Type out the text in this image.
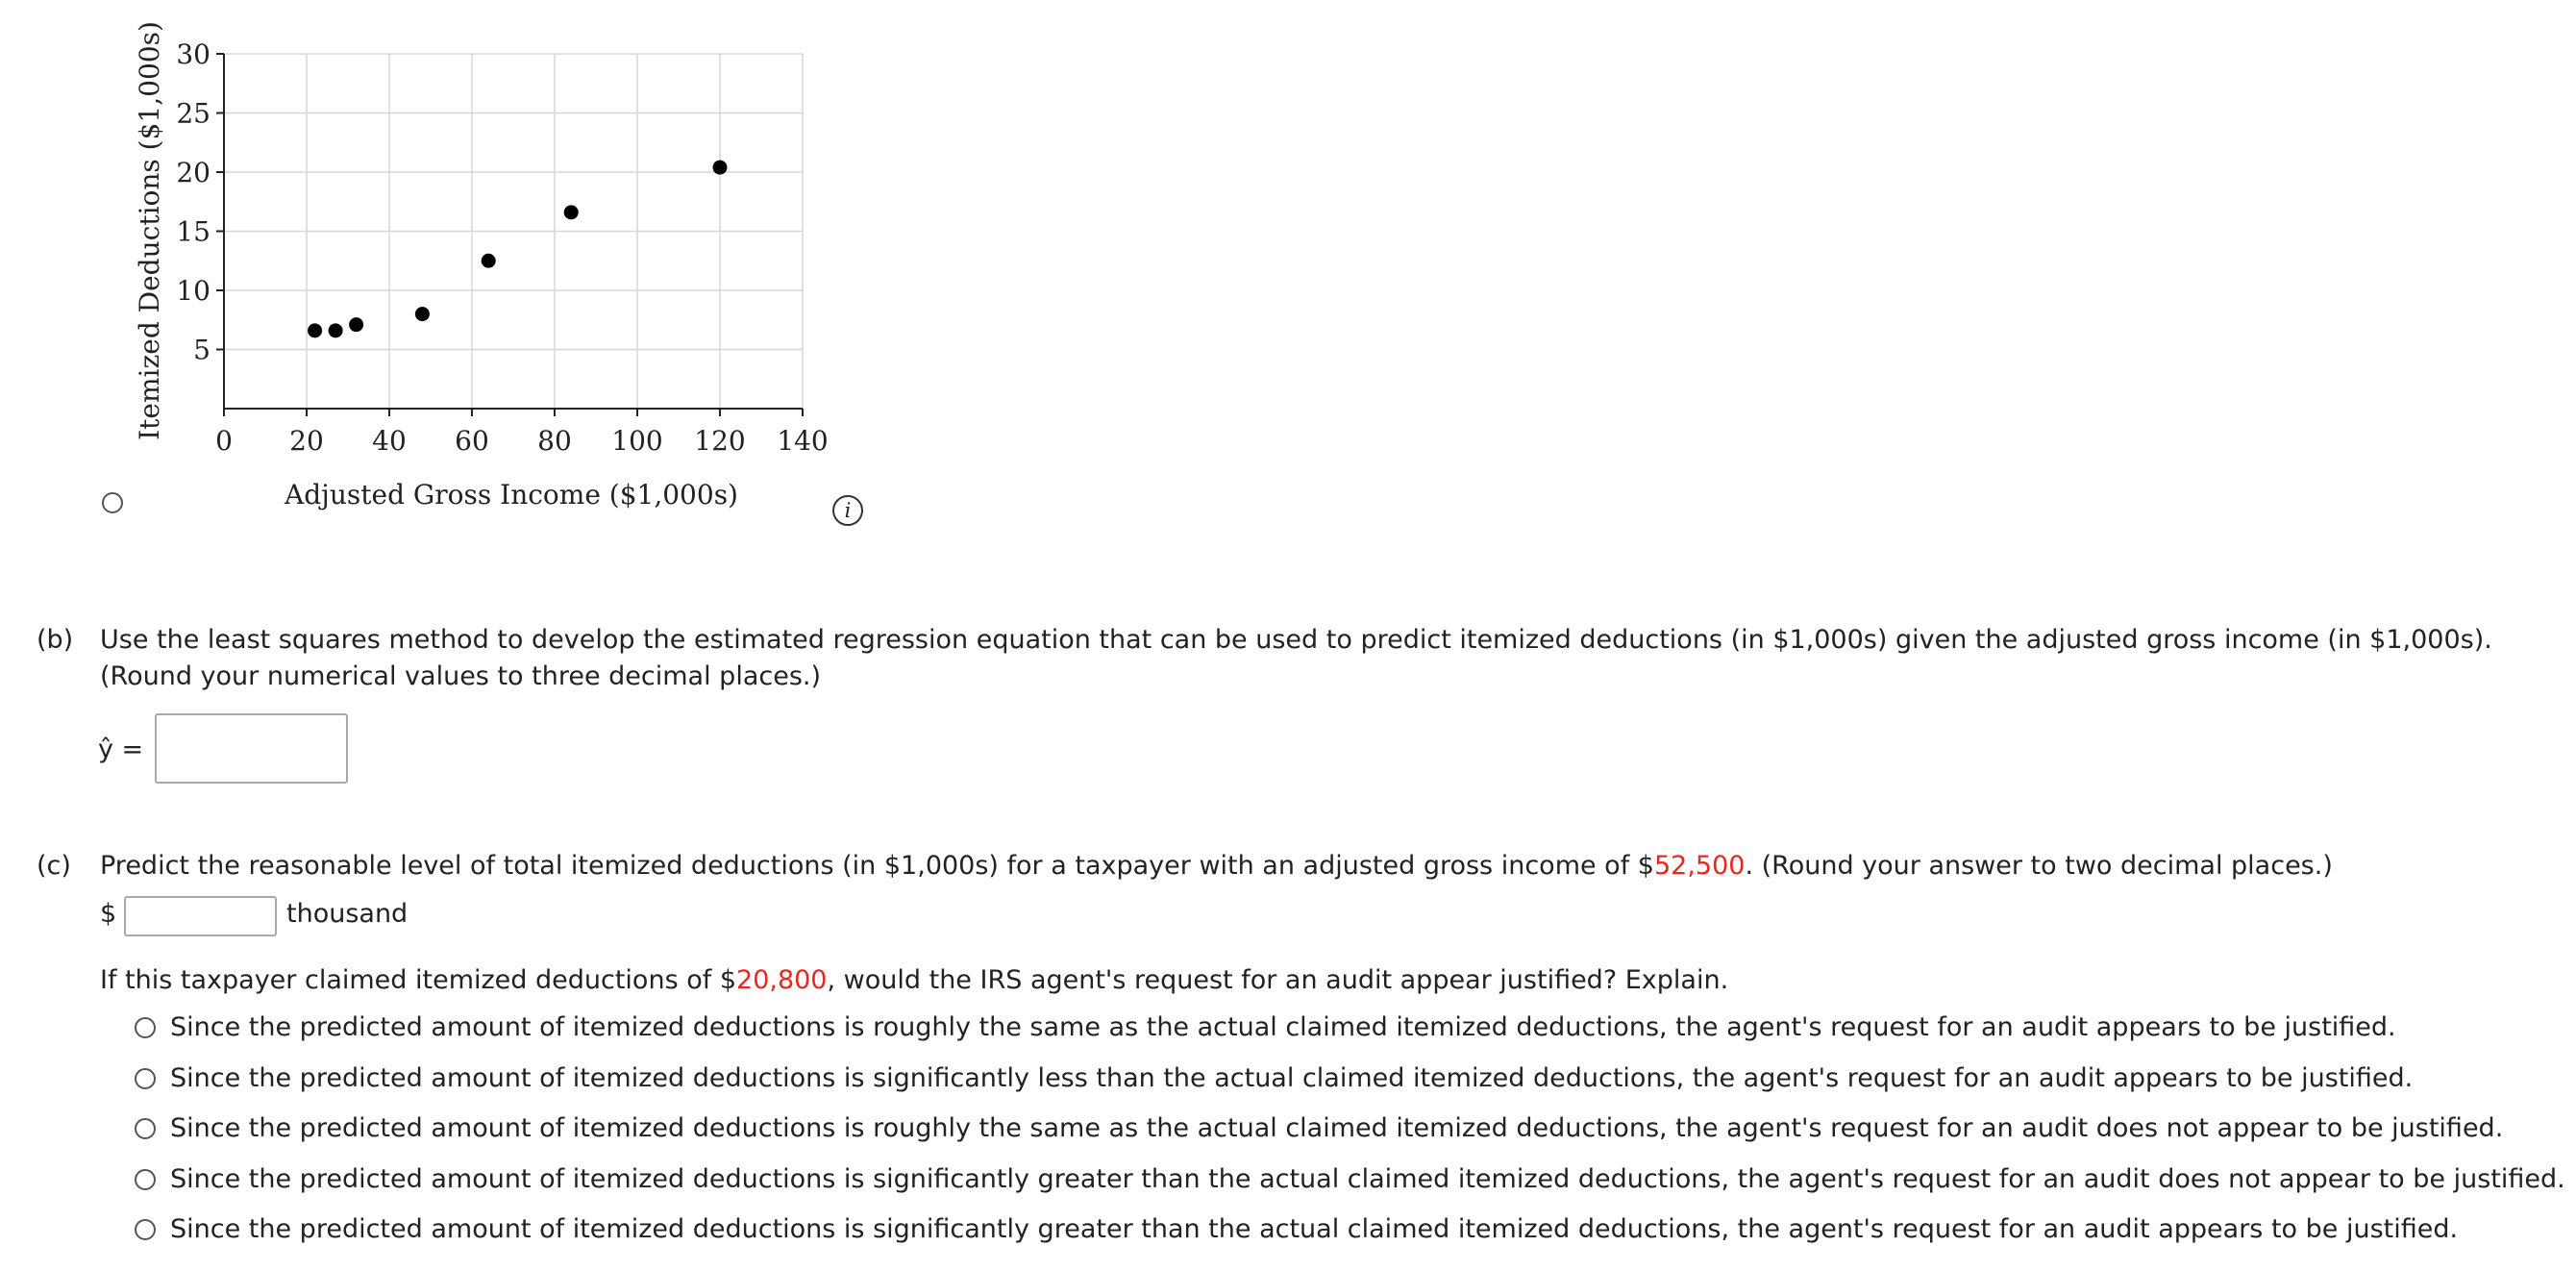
0 20 40 60 80 100 120 140
5
10
15
20
25
30
Adjusted Gross Income ($1,000s)
Itemized Deductions ($1,000s)
i
(b) Use the least squares method to develop the estimated regression equation that can be used to predict itemized deductions (in $1,000s) given the adjusted gross income (in $1,000s). (Round your numerical values to three decimal places.)
ŷ =
(c) Predict the reasonable level of total itemized deductions (in $1,000s) for a taxpayer with an adjusted gross income of $52,500. (Round your answer to two decimal places.)
$	thousand
If this taxpayer claimed itemized deductions of $20,800, would the IRS agent's request for an audit appear justified? Explain.
Since the predicted amount of itemized deductions is roughly the same as the actual claimed itemized deductions, the agent's request for an audit appears to be justified.
Since the predicted amount of itemized deductions is significantly less than the actual claimed itemized deductions, the agent's request for an audit appears to be justified.
Since the predicted amount of itemized deductions is roughly the same as the actual claimed itemized deductions, the agent's request for an audit does not appear to be justified.
Since the predicted amount of itemized deductions is significantly greater than the actual claimed itemized deductions, the agent's request for an audit does not appear to be justified.
Since the predicted amount of itemized deductions is significantly greater than the actual claimed itemized deductions, the agent's request for an audit appears to be justified.
